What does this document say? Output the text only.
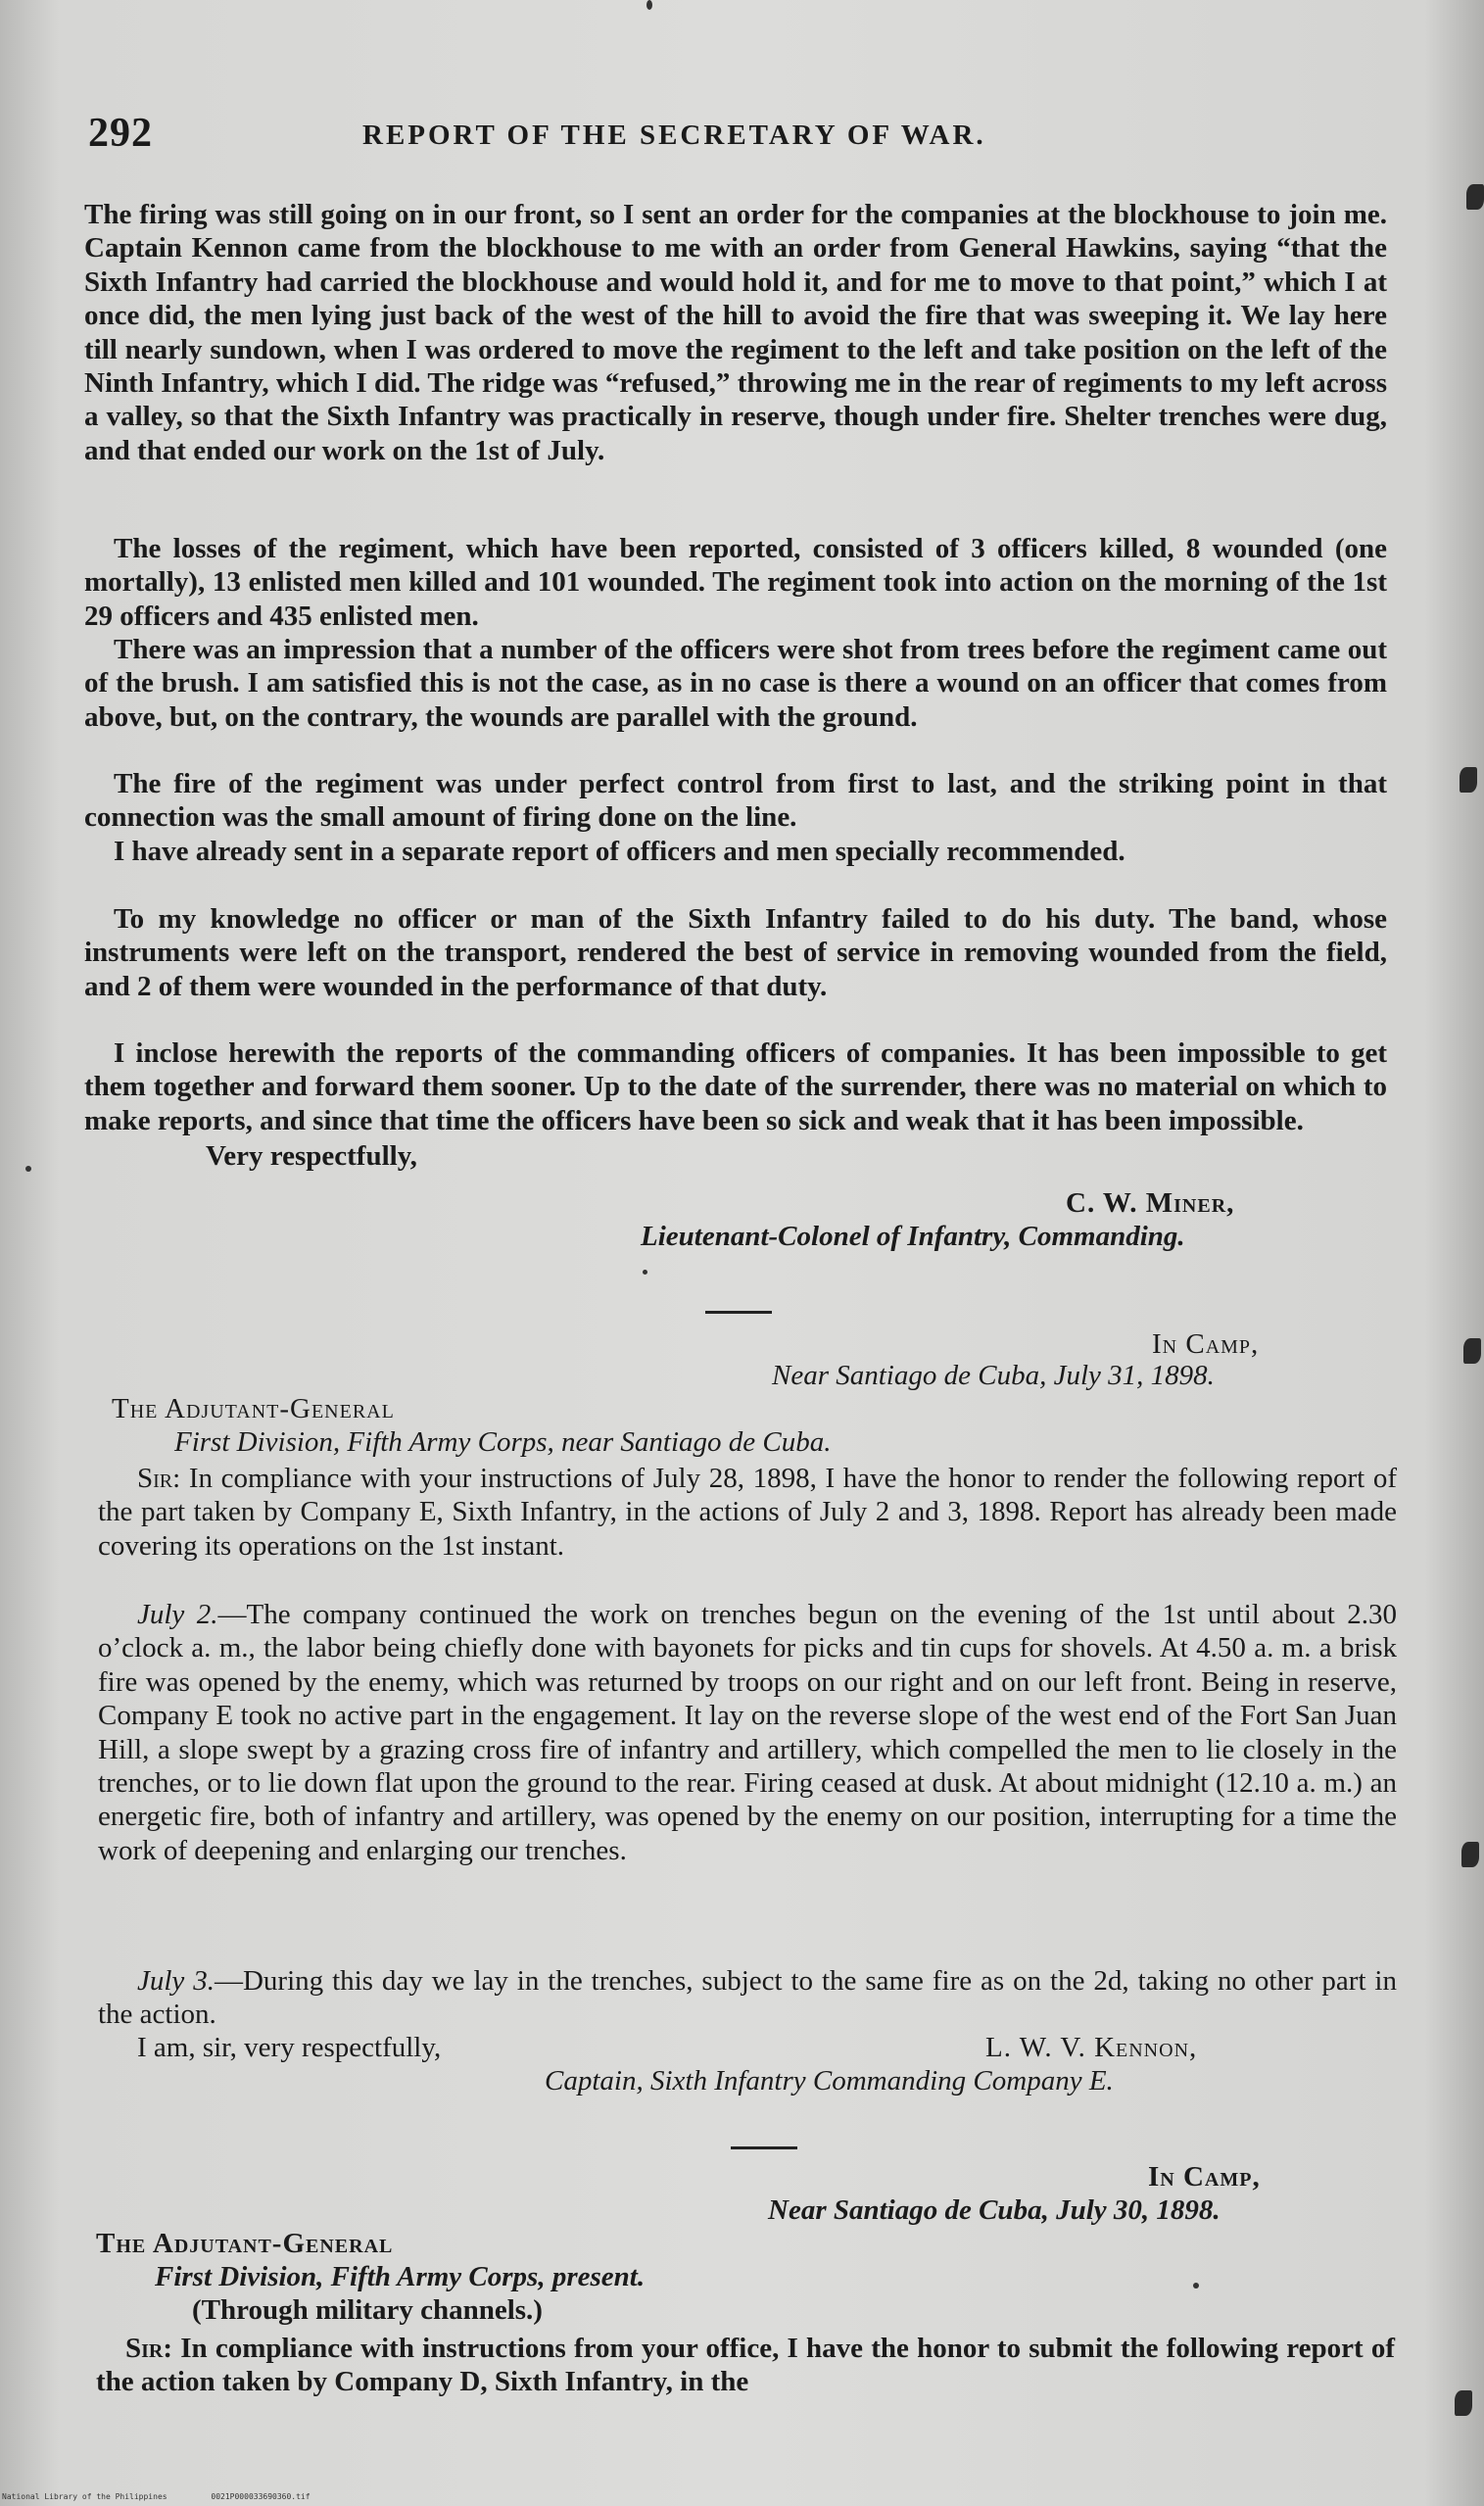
292	REPORT OF THE SECRETARY OF WAR.

The firing was still going on in our front, so I sent an order for the companies at the blockhouse to join me. Captain Kennon came from the blockhouse to me with an order from General Hawkins, saying “that the Sixth Infantry had carried the blockhouse and would hold it, and for me to move to that point,” which I at once did, the men lying just back of the west of the hill to avoid the fire that was sweeping it. We lay here till nearly sundown, when I was ordered to move the regiment to the left and take position on the left of the Ninth Infantry, which I did. The ridge was “refused,” throwing me in the rear of regiments to my left across a valley, so that the Sixth Infantry was practically in reserve, though under fire. Shelter trenches were dug, and that ended our work on the 1st of July.

The losses of the regiment, which have been reported, consisted of 3 officers killed, 8 wounded (one mortally), 13 enlisted men killed and 101 wounded. The regiment took into action on the morning of the 1st 29 officers and 435 enlisted men.

There was an impression that a number of the officers were shot from trees before the regiment came out of the brush. I am satisfied this is not the case, as in no case is there a wound on an officer that comes from above, but, on the contrary, the wounds are parallel with the ground.

The fire of the regiment was under perfect control from first to last, and the striking point in that connection was the small amount of firing done on the line.

I have already sent in a separate report of officers and men specially recommended.

To my knowledge no officer or man of the Sixth Infantry failed to do his duty. The band, whose instruments were left on the transport, rendered the best of service in removing wounded from the field, and 2 of them were wounded in the performance of that duty.

I inclose herewith the reports of the commanding officers of companies. It has been impossible to get them together and forward them sooner. Up to the date of the surrender, there was no material on which to make reports, and since that time the officers have been so sick and weak that it has been impossible.

Very respectfully,

C. W. Miner,

Lieutenant-Colonel of Infantry, Commanding.

In Camp,

Near Santiago de Cuba, July 31, 1898.

The Adjutant-General

First Division, Fifth Army Corps, near Santiago de Cuba.

Sir: In compliance with your instructions of July 28, 1898, I have the honor to render the following report of the part taken by Company E, Sixth Infantry, in the actions of July 2 and 3, 1898. Report has already been made covering its operations on the 1st instant.

July 2.—The company continued the work on trenches begun on the evening of the 1st until about 2.30 o’clock a. m., the labor being chiefly done with bayonets for picks and tin cups for shovels. At 4.50 a. m. a brisk fire was opened by the enemy, which was returned by troops on our right and on our left front. Being in reserve, Company E took no active part in the engagement. It lay on the reverse slope of the west end of the Fort San Juan Hill, a slope swept by a grazing cross fire of infantry and artillery, which compelled the men to lie closely in the trenches, or to lie down flat upon the ground to the rear. Firing ceased at dusk. At about midnight (12.10 a. m.) an energetic fire, both of infantry and artillery, was opened by the enemy on our position, interrupting for a time the work of deepening and enlarging our trenches.

July 3.—During this day we lay in the trenches, subject to the same fire as on the 2d, taking no other part in the action.

I am, sir, very respectfully,	L. W. V. Kennon,

Captain, Sixth Infantry Commanding Company E.

In Camp,

Near Santiago de Cuba, July 30, 1898.

The Adjutant-General

First Division, Fifth Army Corps, present.

(Through military channels.)

Sir: In compliance with instructions from your office, I have the honor to submit the following report of the action taken by Company D, Sixth Infantry, in the

National Library of the Philippines	0021P000033690360.tif
